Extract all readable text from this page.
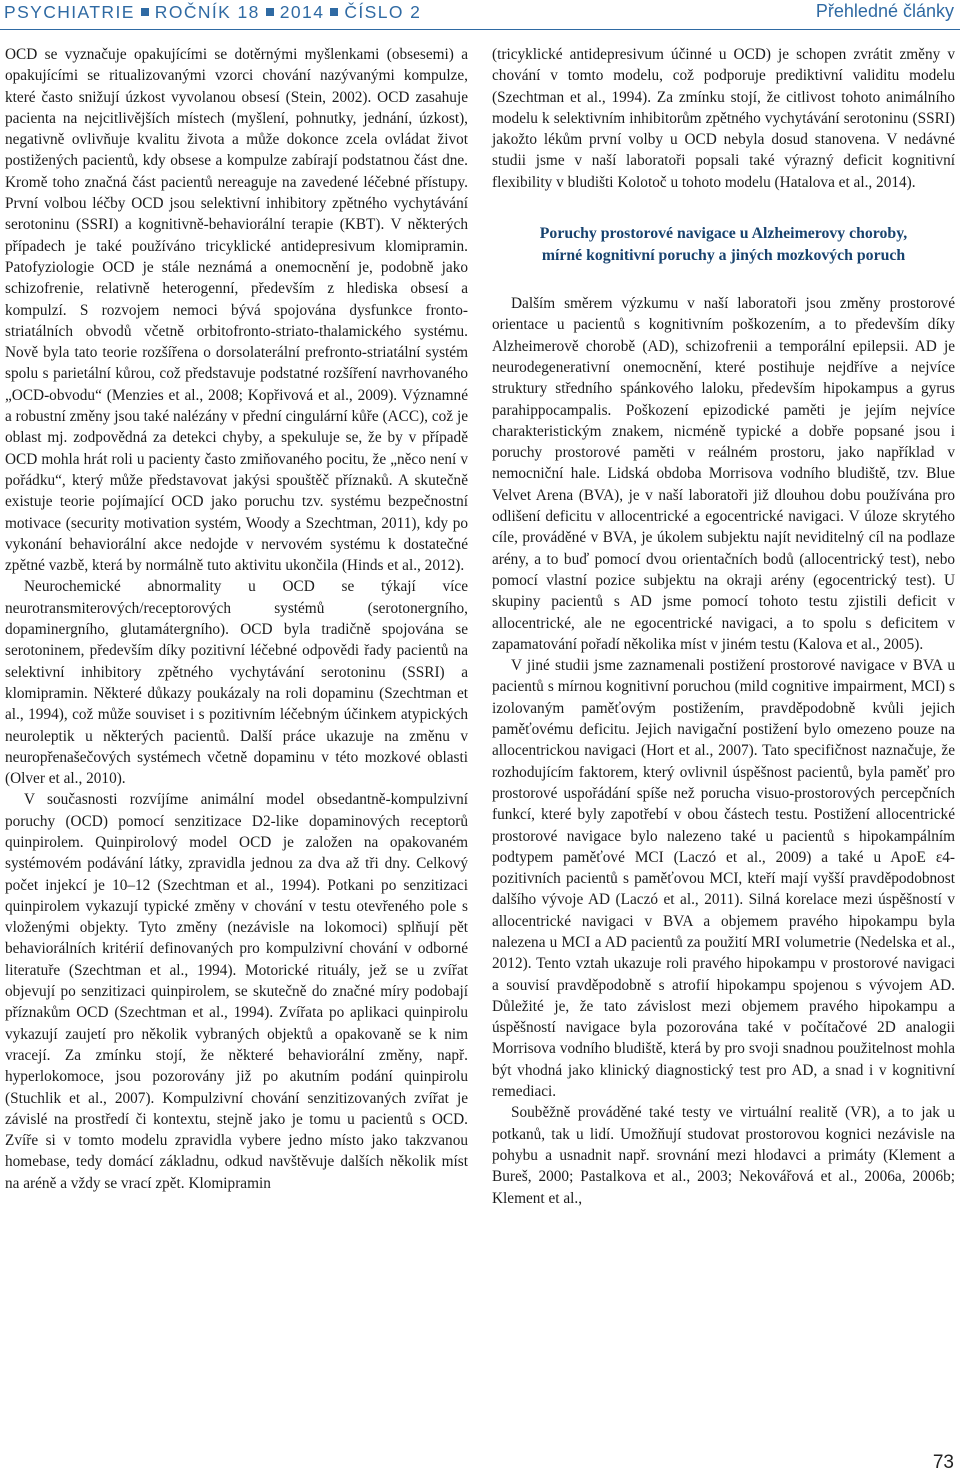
PSYCHIATRIE ROČNÍK 18 2014 ČÍSLO 2	Přehledné články

OCD se vyznačuje opakujícími se dotěrnými myšlenkami (obsesemi) a opakujícími se ritualizovanými vzorci chování nazývanými kompulze, které často snižují úzkost vyvolanou obsesí (Stein, 2002). OCD zasahuje pacienta na nejcitlivějších místech (myšlení, pohnutky, jednání, úzkost), negativně ovlivňuje kvalitu života a může dokonce zcela ovládat život postižených pacientů, kdy obsese a kompulze zabírají podstatnou část dne. Kromě toho značná část pacientů nereaguje na zavedené léčebné přístupy. První volbou léčby OCD jsou selektivní inhibitory zpětného vychytávání serotoninu (SSRI) a kognitivně-behaviorální terapie (KBT). V některých případech je také používáno tricyklické antidepresivum klomipramin. Patofyziologie OCD je stále neznámá a onemocnění je, podobně jako schizofrenie, relativně heterogenní, především z hlediska obsesí a kompulzí. S rozvojem nemoci bývá spojována dysfunkce fronto-striatálních obvodů včetně orbitofronto-striato-thalamického systému. Nově byla tato teorie rozšířena o dorsolaterální prefronto-striatální systém spolu s parietální kůrou, což představuje podstatné rozšíření navrhovaného „OCD-obvodu“ (Menzies et al., 2008; Kopřivová et al., 2009). Významné a robustní změny jsou také nalézány v přední cingulární kůře (ACC), což je oblast mj. zodpovědná za detekci chyby, a spekuluje se, že by v případě OCD mohla hrát roli u pacienty často zmiňovaného pocitu, že „něco není v pořádku“, který může představovat jakýsi spouštěč příznaků. A skutečně existuje teorie pojímající OCD jako poruchu tzv. systému bezpečnostní motivace (security motivation systém, Woody a Szechtman, 2011), kdy po vykonání behaviorální akce nedojde v nervovém systému k dostatečné zpětné vazbě, která by normálně tuto aktivitu ukončila (Hinds et al., 2012).

Neurochemické abnormality u OCD se týkají více neurotransmiterových/receptorových systémů (serotonergního, dopaminergního, glutamátergního). OCD byla tradičně spojována se serotoninem, především díky pozitivní léčebné odpovědi řady pacientů na selektivní inhibitory zpětného vychytávání serotoninu (SSRI) a klomipramin. Některé důkazy poukázaly na roli dopaminu (Szechtman et al., 1994), což může souviset i s pozitivním léčebným účinkem atypických neuroleptik u některých pacientů. Další práce ukazuje na změnu v neuropřenašečových systémech včetně dopaminu v této mozkové oblasti (Olver et al., 2010).

V současnosti rozvíjíme animální model obsedantně-kompulzivní poruchy (OCD) pomocí senzitizace D2-like dopaminových receptorů quinpirolem. Quinpirolový model OCD je založen na opakovaném systémovém podávání látky, zpravidla jednou za dva až tři dny. Celkový počet injekcí je 10–12 (Szechtman et al., 1994). Potkani po senzitizaci quinpirolem vykazují typické změny v chování v testu otevřeného pole s vloženými objekty. Tyto změny (nezávisle na lokomoci) splňují pět behaviorálních kritérií definovaných pro kompulzivní chování v odborné literatuře (Szechtman et al., 1994). Motorické rituály, jež se u zvířat objevují po senzitizaci quinpirolem, se skutečně do značné míry podobají příznakům OCD (Szechtman et al., 1994). Zvířata po aplikaci quinpirolu vykazují zaujetí pro několik vybraných objektů a opakovaně se k nim vracejí. Za zmínku stojí, že některé behaviorální změny, např. hyperlokomoce, jsou pozorovány již po akutním podání quinpirolu (Stuchlik et al., 2007). Kompulzivní chování senzitizovaných zvířat je závislé na prostředí či kontextu, stejně jako je tomu u pacientů s OCD. Zvíře si v tomto modelu zpravidla vybere jedno místo jako takzvanou homebase, tedy domácí základnu, odkud navštěvuje dalších několik míst na aréně a vždy se vrací zpět. Klomipramin

(tricyklické antidepresivum účinné u OCD) je schopen zvrátit změny v chování v tomto modelu, což podporuje prediktivní validitu modelu (Szechtman et al., 1994). Za zmínku stojí, že citlivost tohoto animálního modelu k selektivním inhibitorům zpětného vychytávání serotoninu (SSRI) jakožto lékům první volby u OCD nebyla dosud stanovena. V nedávné studii jsme v naší laboratoři popsali také výrazný deficit kognitivní flexibility v bludišti Kolotoč u tohoto modelu (Hatalova et al., 2014).

Poruchy prostorové navigace u Alzheimerovy choroby,
mírné kognitivní poruchy a jiných mozkových poruch

Dalším směrem výzkumu v naší laboratoři jsou změny prostorové orientace u pacientů s kognitivním poškozením, a to především díky Alzheimerově chorobě (AD), schizofrenii a temporální epilepsii. AD je neurodegenerativní onemocnění, které postihuje nejdříve a nejvíce struktury středního spánkového laloku, především hipokampus a gyrus parahippocampalis. Poškození epizodické paměti je jejím nejvíce charakteristickým znakem, nicméně typické a dobře popsané jsou i poruchy prostorové paměti v reálném prostoru, jako například v nemocniční hale. Lidská obdoba Morrisova vodního bludiště, tzv. Blue Velvet Arena (BVA), je v naší laboratoři již dlouhou dobu používána pro odlišení deficitu v allocentrické a egocentrické navigaci. V úloze skrytého cíle, prováděné v BVA, je úkolem subjektu najít neviditelný cíl na podlaze arény, a to buď pomocí dvou orientačních bodů (allocentrický test), nebo pomocí vlastní pozice subjektu na okraji arény (egocentrický test). U skupiny pacientů s AD jsme pomocí tohoto testu zjistili deficit v allocentrické, ale ne egocentrické navigaci, a to spolu s deficitem v zapamatování pořadí několika míst v jiném testu (Kalova et al., 2005).

V jiné studii jsme zaznamenali postižení prostorové navigace v BVA u pacientů s mírnou kognitivní poruchou (mild cognitive impairment, MCI) s izolovaným paměťovým postižením, pravděpodobně kvůli jejich paměťovému deficitu. Jejich navigační postižení bylo omezeno pouze na allocentrickou navigaci (Hort et al., 2007). Tato specifičnost naznačuje, že rozhodujícím faktorem, který ovlivnil úspěšnost pacientů, byla paměť pro prostorové uspořádání spíše než porucha visuo-prostorových percepčních funkcí, které byly zapotřebí v obou částech testu. Postižení allocentrické prostorové navigace bylo nalezeno také u pacientů s hipokampálním podtypem paměťové MCI (Laczó et al., 2009) a také u ApoE ε4-pozitivních pacientů s paměťovou MCI, kteří mají vyšší pravděpodobnost dalšího vývoje AD (Laczó et al., 2011). Silná korelace mezi úspěšností v allocentrické navigaci v BVA a objemem pravého hipokampu byla nalezena u MCI a AD pacientů za použití MRI volumetrie (Nedelska et al., 2012). Tento vztah ukazuje roli pravého hipokampu v prostorové navigaci a souvisí pravděpodobně s atrofií hipokampu spojenou s vývojem AD. Důležité je, že tato závislost mezi objemem pravého hipokampu a úspěšností navigace byla pozorována také v počítačové 2D analogii Morrisova vodního bludiště, která by pro svoji snadnou použitelnost mohla být vhodná jako klinický diagnostický test pro AD, a snad i v kognitivní remediaci.

Souběžně prováděné také testy ve virtuální realitě (VR), a to jak u potkanů, tak u lidí. Umožňují studovat prostorovou kognici nezávisle na pohybu a usnadnit např. srovnání mezi hlodavci a primáty (Klement a Bureš, 2000; Pastalkova et al., 2003; Nekovářová et al., 2006a, 2006b; Klement et al.,

73
